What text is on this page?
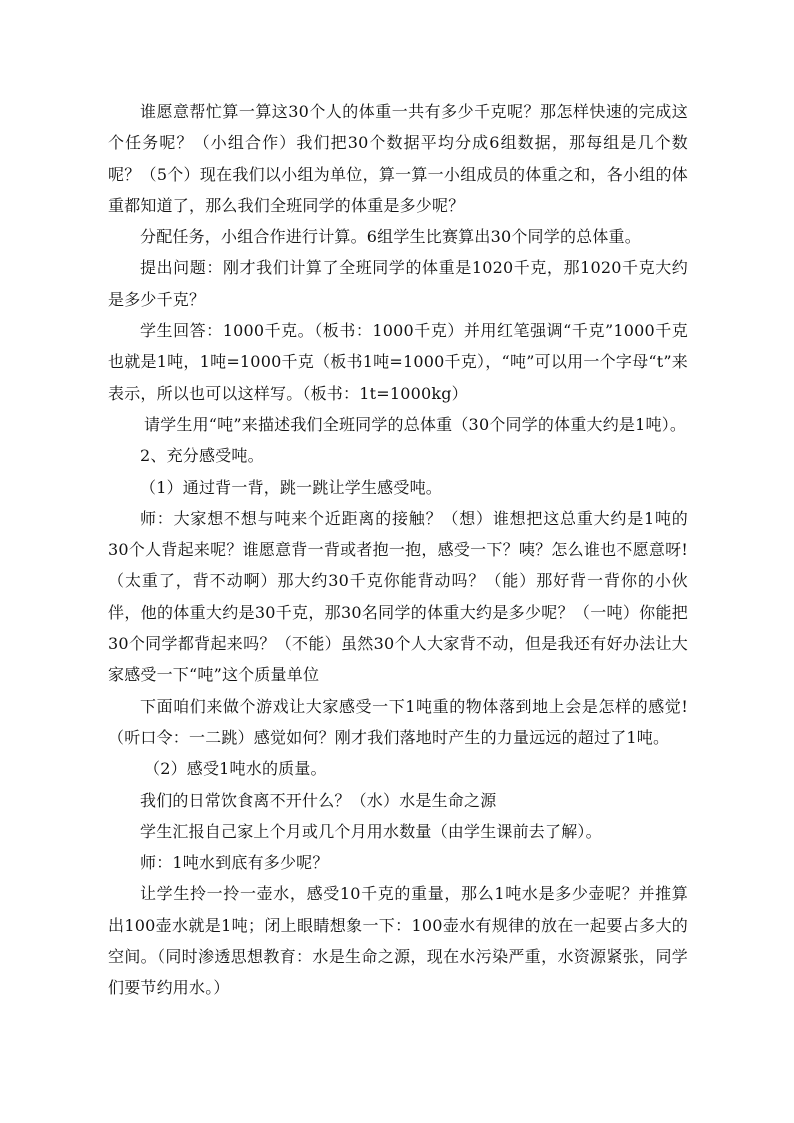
谁愿意帮忙算一算这30个人的体重一共有多少千克呢？那怎样快速的完成这个任务呢？（小组合作）我们把30个数据平均分成6组数据，那每组是几个数呢？（5个）现在我们以小组为单位，算一算一小组成员的体重之和，各小组的体重都知道了，那么我们全班同学的体重是多少呢？

分配任务，小组合作进行计算。6组学生比赛算出30个同学的总体重。

提出问题：刚才我们计算了全班同学的体重是1020千克，那1020千克大约是多少千克？

学生回答：1000千克。（板书：1000千克）并用红笔强调“千克”1000千克也就是1吨，1吨=1000千克（板书1吨=1000千克），“吨”可以用一个字母“t”来表示，所以也可以这样写。（板书：1t=1000kg）

请学生用“吨”来描述我们全班同学的总体重（30个同学的体重大约是1吨）。

2、充分感受吨。

（1）通过背一背，跳一跳让学生感受吨。

师：大家想不想与吨来个近距离的接触？（想）谁想把这总重大约是1吨的30个人背起来呢？谁愿意背一背或者抱一抱，感受一下？咦？怎么谁也不愿意呀!（太重了，背不动啊）那大约30千克你能背动吗？（能）那好背一背你的小伙伴，他的体重大约是30千克，那30名同学的体重大约是多少呢？（一吨）你能把30个同学都背起来吗？（不能）虽然30个人大家背不动，但是我还有好办法让大家感受一下“吨”这个质量单位

下面咱们来做个游戏让大家感受一下1吨重的物体落到地上会是怎样的感觉!（听口令：一二跳）感觉如何？刚才我们落地时产生的力量远远的超过了1吨。

（2）感受1吨水的质量。

我们的日常饮食离不开什么？（水）水是生命之源

学生汇报自己家上个月或几个月用水数量（由学生课前去了解）。

师：1吨水到底有多少呢？

让学生拎一拎一壶水，感受10千克的重量，那么1吨水是多少壶呢？并推算出100壶水就是1吨；闭上眼睛想象一下：100壶水有规律的放在一起要占多大的空间。（同时渗透思想教育：水是生命之源，现在水污染严重，水资源紧张，同学们要节约用水。）
